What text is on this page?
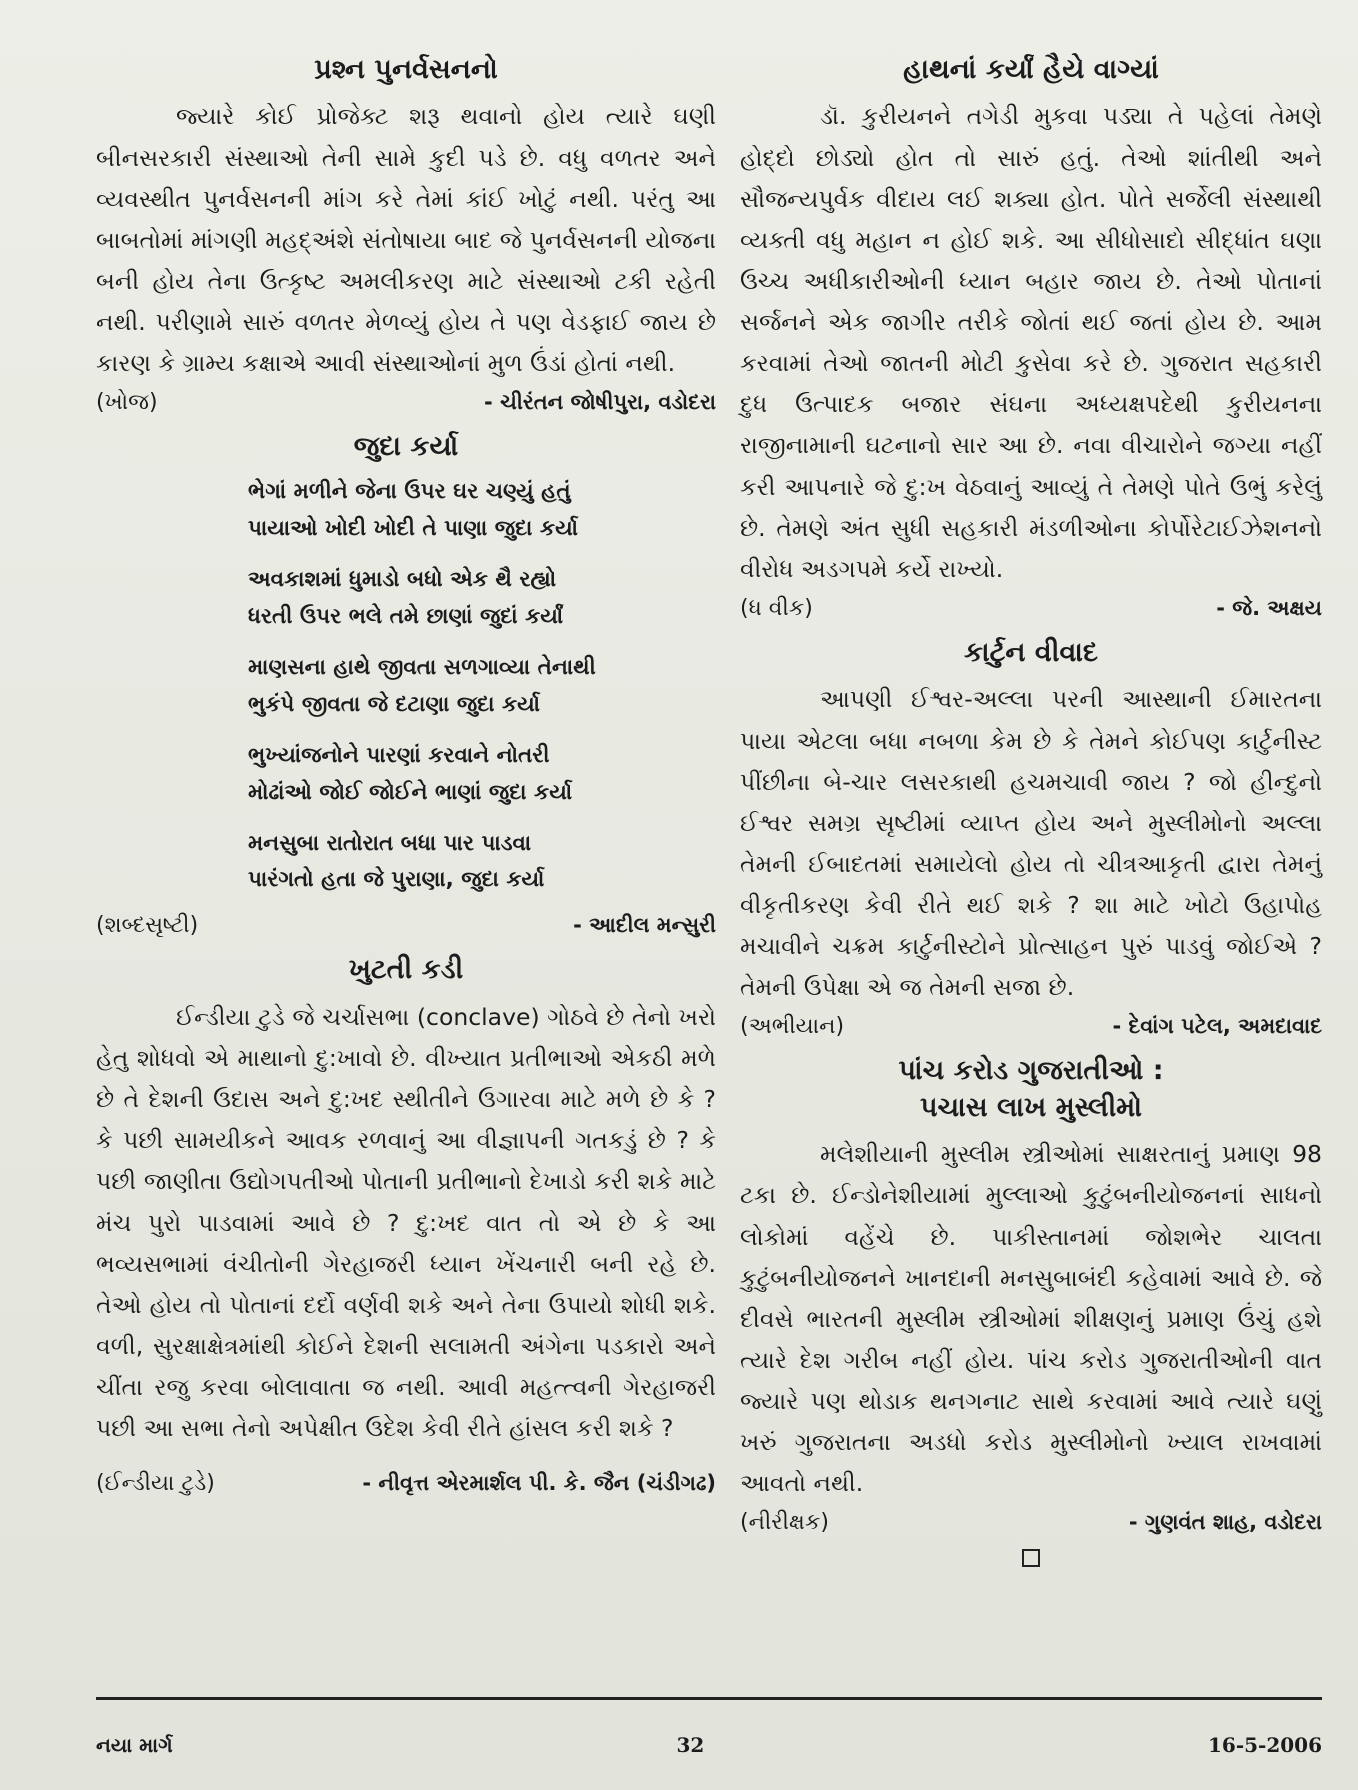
પ્રશ્ન પુનર્વસનનો

જ્યારે કોઈ પ્રોજેક્ટ શરૂ થવાનો હોય ત્યારે ઘણી બીનસરકારી સંસ્થાઓ તેની સામે કુદી પડે છે. વધુ વળતર અને વ્યવસ્થીત પુનર્વસનની માંગ કરે તેમાં કાંઈ ખોટું નથી. પરંતુ આ બાબતોમાં માંગણી મહદ્અંશે સંતોષાયા બાદ જે પુનર્વસનની યોજના બની હોય તેના ઉત્કૃષ્ટ અમલીકરણ માટે સંસ્થાઓ ટકી રહેતી નથી. પરીણામે સારું વળતર મેળવ્યું હોય તે પણ વેડફાઈ જાય છે કારણ કે ગ્રામ્ય કક્ષાએ આવી સંસ્થાઓનાં મુળ ઉંડાં હોતાં નથી.

(ખોજ)	- ચીરંતન જોષીપુરા, વડોદરા
જુદા કર્યા
ભેગાં મળીને જેના ઉપર ઘર ચણ્યું હતું
પાયાઓ ખોદી ખોદી તે પાણા જુદા કર્યા
અવકાશમાં ધુમાડો બધો એક થૈ રહ્યો
ધરતી ઉપર ભલે તમે છાણાં જુદાં કર્યાં
માણસના હાથે જીવતા સળગાવ્યા તેનાથી
ભુકંપે જીવતા જે દટાણા જુદા કર્યા
ભુખ્યાંજનોને પારણાં કરવાને નોતરી
મોઢાંઓ જોઈ જોઈને ભાણાં જુદા કર્યા
મનસુબા રાતોરાત બધા પાર પાડવા
પારંગતો હતા જે પુરાણા, જુદા કર્યા
(શબ્દસૃષ્ટી)	- આદીલ મન્સુરી
ખુટતી કડી

ઈન્ડીયા ટુડે જે ચર્ચાસભા (conclave) ગોઠવે છે તેનો ખરો હેતુ શોધવો એ માથાનો દુ:ખાવો છે. વીખ્યાત પ્રતીભાઓ એકઠી મળે છે તે દેશની ઉદાસ અને દુ:ખદ સ્થીતીને ઉગારવા માટે મળે છે કે ? કે પછી સામયીકને આવક રળવાનું આ વીજ્ઞાપની ગતકડું છે ? કે પછી જાણીતા ઉદ્યોગપતીઓ પોતાની પ્રતીભાનો દેખાડો કરી શકે માટે મંચ પુરો પાડવામાં આવે છે ? દુ:ખદ વાત તો એ છે કે આ ભવ્યસભામાં વંચીતોની ગેરહાજરી ધ્યાન ખેંચનારી બની રહે છે. તેઓ હોય તો પોતાનાં દર્દો વર્ણવી શકે અને તેના ઉપાયો શોધી શકે. વળી, સુરક્ષાક્ષેત્રમાંથી કોઈને દેશની સલામતી અંગેના પડકારો અને ચીંતા રજુ કરવા બોલાવાતા જ નથી. આવી મહત્ત્વની ગેરહાજરી પછી આ સભા તેનો અપેક્ષીત ઉદેશ કેવી રીતે હાંસલ કરી શકે ?

(ઈન્ડીયા ટુડે)	- નીવૃત્ત એરમાર્શલ પી. કે. જૈન (ચંડીગઢ)
હાથનાં કર્યાં હૈયે વાગ્યાં

ડૉ. કુરીયનને તગેડી મુકવા પડ્યા તે પહેલાં તેમણે હોદ્દો છોડ્યો હોત તો સારું હતું. તેઓ શાંતીથી અને સૌજન્યપુર્વક વીદાય લઈ શક્યા હોત. પોતે સર્જેલી સંસ્થાથી વ્યક્તી વધુ મહાન ન હોઈ શકે. આ સીધોસાદો સીદ્ધાંત ઘણા ઉચ્ચ અધીકારીઓની ધ્યાન બહાર જાય છે. તેઓ પોતાનાં સર્જનને એક જાગીર તરીકે જોતાં થઈ જતાં હોય છે. આમ કરવામાં તેઓ જાતની મોટી કુસેવા કરે છે. ગુજરાત સહકારી દુધ ઉત્પાદક બજાર સંઘના અધ્યક્ષપદેથી કુરીયનના રાજીનામાની ઘટનાનો સાર આ છે. નવા વીચારોને જગ્યા નહીં કરી આપનારે જે દુ:ખ વેઠવાનું આવ્યું તે તેમણે પોતે ઉભું કરેલું છે. તેમણે અંત સુધી સહકારી મંડળીઓના કોર્પોરેટાઈઝેશનનો વીરોધ અડગપમે કર્યે રાખ્યો.

(ધ વીક)	- જે. અક્ષય
કાર્ટુન વીવાદ

આપણી ઈશ્વર-અલ્લા પરની આસ્થાની ઈમારતના પાયા એટલા બધા નબળા કેમ છે કે તેમને કોઈપણ કાર્ટુનીસ્ટ પીંછીના બે-ચાર લસરકાથી હચમચાવી જાય ? જો હીન્દુનો ઈશ્વર સમગ્ર સૃષ્ટીમાં વ્યાપ્ત હોય અને મુસ્લીમોનો અલ્લા તેમની ઈબાદતમાં સમાયેલો હોય તો ચીત્રઆકૃતી દ્વારા તેમનું વીકૃતીકરણ કેવી રીતે થઈ શકે ? શા માટે ખોટો ઉહાપોહ મચાવીને ચક્રમ કાર્ટુનીસ્ટોને પ્રોત્સાહન પુરું પાડવું જોઈએ ? તેમની ઉપેક્ષા એ જ તેમની સજા છે.

(અભીયાન)	- દેવાંગ પટેલ, અમદાવાદ
પાંચ કરોડ ગુજરાતીઓ :
પચાસ લાખ મુસ્લીમો

મલેશીયાની મુસ્લીમ સ્ત્રીઓમાં સાક્ષરતાનું પ્રમાણ 98 ટકા છે. ઈન્ડોનેશીયામાં મુલ્લાઓ કુટુંબનીયોજનનાં સાધનો લોકોમાં વહેંચે છે. પાકીસ્તાનમાં જોશભેર ચાલતા કુટુંબનીયોજનને ખાનદાની મનસુબાબંદી કહેવામાં આવે છે. જે દીવસે ભારતની મુસ્લીમ સ્ત્રીઓમાં શીક્ષણનું પ્રમાણ ઉંચું હશે ત્યારે દેશ ગરીબ નહીં હોય. પાંચ કરોડ ગુજરાતીઓની વાત જ્યારે પણ થોડાક થનગનાટ સાથે કરવામાં આવે ત્યારે ઘણું ખરું ગુજરાતના અડધો કરોડ મુસ્લીમોનો ખ્યાલ રાખવામાં આવતો નથી.

(નીરીક્ષક)	- ગુણવંત શાહ, વડોદરા
નયા માર્ગ	32	16-5-2006
